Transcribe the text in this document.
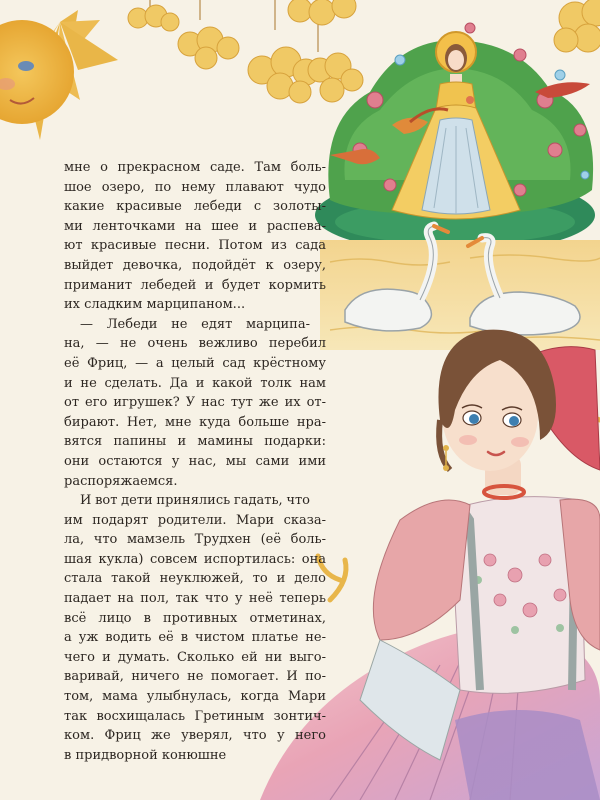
мне о прекрасном саде. Там боль-
шое озеро, по нему плавают чудо
какие красивые лебеди с золоты-
ми ленточками на шее и распева-
ют красивые песни. Потом из сада
выйдет девочка, подойдёт к озеру,
приманит лебедей и будет кормить
их сладким марципаном...

— Лебеди не едят марципа-
на, — не очень вежливо перебил
её Фриц, — а целый сад крёстному
и не сделать. Да и какой толк нам
от его игрушек? У нас тут же их от-
бирают. Нет, мне куда больше нра-
вятся папины и мамины подарки:
они остаются у нас, мы сами ими
распоряжаемся.

И вот дети принялись гадать, что
им подарят родители. Мари сказа-
ла, что мамзель Трудхен (её боль-
шая кукла) совсем испортилась: она
стала такой неуклюжей, то и дело
падает на пол, так что у неё теперь
всё лицо в противных отметинах,
а уж водить её в чистом платье не-
чего и думать. Сколько ей ни выго-
варивай, ничего не помогает. И по-
том, мама улыбнулась, когда Мари
так восхищалась Гретиным зонтич-
ком. Фриц же уверял, что у него
в придворной конюшне
